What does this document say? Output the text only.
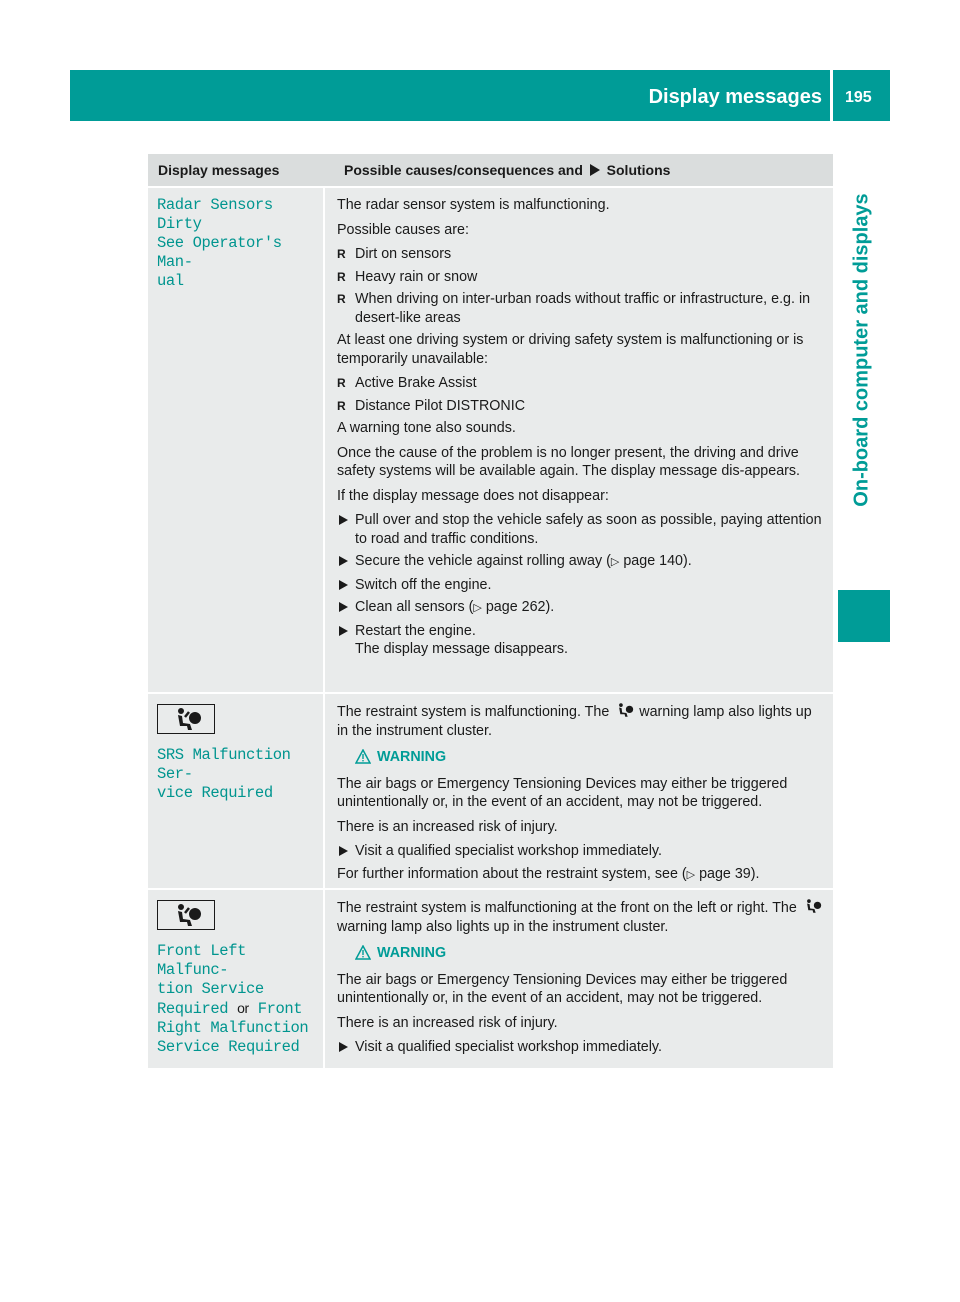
Display messages 195
On-board computer and displays
Display messages	Possible causes/consequences and Solutions
Radar Sensors Dirty
See Operator's Man‐
ual

The radar sensor system is malfunctioning.

Possible causes are:

R Dirt on sensors
R Heavy rain or snow
R When driving on inter-urban roads without traffic or infrastructure, e.g. in desert-like areas

At least one driving system or driving safety system is malfunctioning or is temporarily unavailable:

R Active Brake Assist
R Distance Pilot DISTRONIC

A warning tone also sounds.

Once the cause of the problem is no longer present, the driving and drive safety systems will be available again. The display message dis-appears.

If the display message does not disappear:

Pull over and stop the vehicle safely as soon as possible, paying attention to road and traffic conditions.
Secure the vehicle against rolling away (▷ page 140).
Switch off the engine.
Clean all sensors (▷ page 262).
Restart the engine.
The display message disappears.
SRS Malfunction Ser‐
vice Required

The restraint system is malfunctioning. The warning lamp also lights up in the instrument cluster.

WARNING

The air bags or Emergency Tensioning Devices may either be triggered unintentionally or, in the event of an accident, may not be triggered.

There is an increased risk of injury.

Visit a qualified specialist workshop immediately.

For further information about the restraint system, see (▷ page 39).

Front Left Malfunc‐
tion Service
Required or Front
Right Malfunction
Service Required

The restraint system is malfunctioning at the front on the left or right. The  warning lamp also lights up in the instrument cluster.

WARNING

The air bags or Emergency Tensioning Devices may either be triggered unintentionally or, in the event of an accident, may not be triggered.

There is an increased risk of injury.

Visit a qualified specialist workshop immediately.
